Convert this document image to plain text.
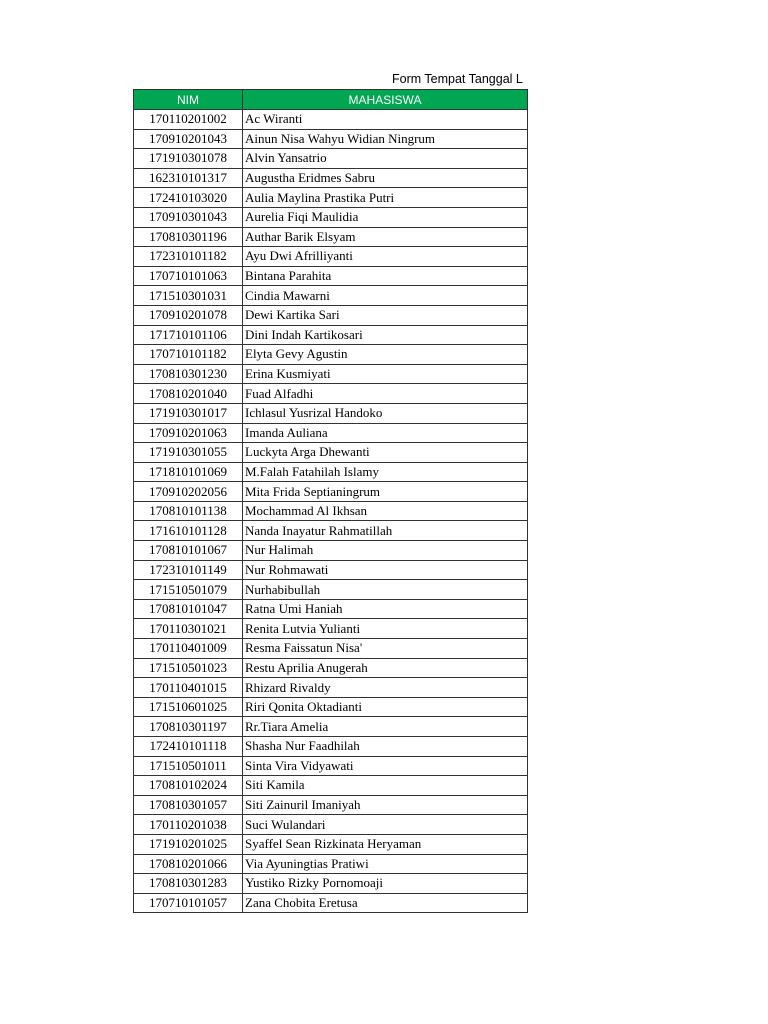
Form Tempat Tanggal L
NIM	MAHASISWA
170110201002	Ac Wiranti
170910201043	Ainun Nisa Wahyu Widian Ningrum
171910301078	Alvin Yansatrio
162310101317	Augustha Eridmes Sabru
172410103020	Aulia Maylina Prastika Putri
170910301043	Aurelia Fiqi Maulidia
170810301196	Authar Barik Elsyam
172310101182	Ayu Dwi Afrilliyanti
170710101063	Bintana Parahita
171510301031	Cindia Mawarni
170910201078	Dewi Kartika Sari
171710101106	Dini Indah Kartikosari
170710101182	Elyta Gevy Agustin
170810301230	Erina Kusmiyati
170810201040	Fuad Alfadhi
171910301017	Ichlasul Yusrizal Handoko
170910201063	Imanda Auliana
171910301055	Luckyta Arga Dhewanti
171810101069	M.Falah Fatahilah Islamy
170910202056	Mita Frida Septianingrum
170810101138	Mochammad Al Ikhsan
171610101128	Nanda Inayatur Rahmatillah
170810101067	Nur Halimah
172310101149	Nur Rohmawati
171510501079	Nurhabibullah
170810101047	Ratna Umi Haniah
170110301021	Renita Lutvia Yulianti
170110401009	Resma Faissatun Nisa'
171510501023	Restu Aprilia Anugerah
170110401015	Rhizard Rivaldy
171510601025	Riri Qonita Oktadianti
170810301197	Rr.Tiara Amelia
172410101118	Shasha Nur Faadhilah
171510501011	Sinta Vira Vidyawati
170810102024	Siti Kamila
170810301057	Siti Zainuril Imaniyah
170110201038	Suci Wulandari
171910201025	Syaffel Sean Rizkinata Heryaman
170810201066	Via Ayuningtias Pratiwi
170810301283	Yustiko Rizky Pornomoaji
170710101057	Zana Chobita Eretusa
